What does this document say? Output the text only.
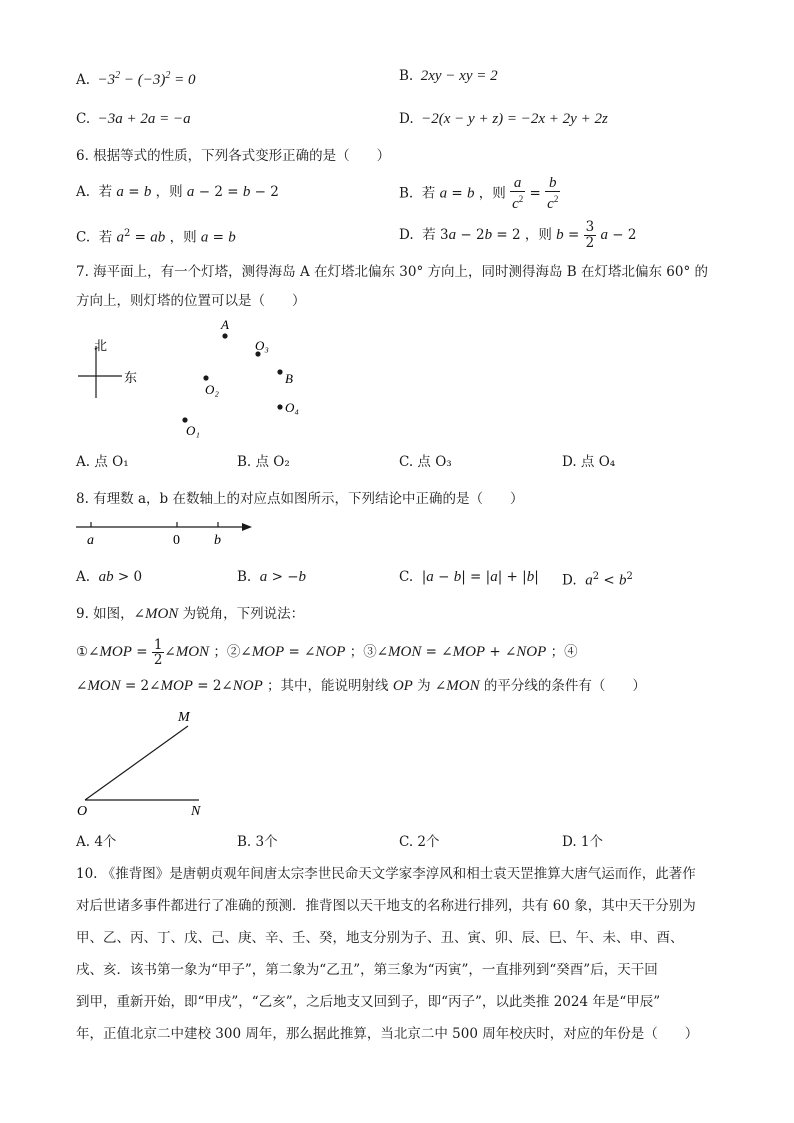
A.  $-3^2 - (-3)^2 = 0$	B.  2xy − xy = 2
C.  −3a + 2a = −a	D.  −2(x − y + z) = −2x + 2y + 2z
6. 根据等式的性质，下列各式变形正确的是（　　）
A.  若 a = b ，则 a − 2 = b − 2	B.  若 a = b ，则 $\frac{a}{c^2} = \frac{b}{c^2}$
C.  若 $a^2$ = ab ，则 a = b	D.  若 3a − 2b = 2 ，则 $b = \frac{3}{2}$ a − 2
7. 海平面上，有一个灯塔，测得海岛 A 在灯塔北偏东 30° 方向上，同时测得海岛 B 在灯塔北偏东 60° 的
方向上，则灯塔的位置可以是（　　）
北
东
A
O₃
B
O₂
O₄
O₁
A. 点 O₁	B. 点 O₂	C. 点 O₃	D. 点 O₄
8. 有理数 a，b 在数轴上的对应点如图所示，下列结论中正确的是（　　）
a	0 b
A.  ab > 0	B.  a > −b	C.  |a − b| = |a| + |b| D.  $a^2 < b^2$
9. 如图，∠MON 为锐角，下列说法：
①∠MOP = $\frac{1}{2}$ ∠MON ；②∠MOP = ∠NOP ；③∠MON = ∠MOP + ∠NOP ；④
∠MON = 2∠MOP = 2∠NOP ；其中，能说明射线 OP 为 ∠MON 的平分线的条件有（　　）
M
O	N
A. 4个	B. 3个	C. 2个	D. 1个
10. 《推背图》是唐朝贞观年间唐太宗李世民命天文学家李淳风和相士袁天罡推算大唐气运而作，此著作
对后世诸多事件都进行了准确的预测．推背图以天干地支的名称进行排列，共有 60 象，其中天干分别为
甲、乙、丙、丁、戊、己、庚、辛、壬、癸，地支分别为子、丑、寅、卯、辰、巳、午、未、申、酉、
戌、亥．该书第一象为“甲子”，第二象为“乙丑”，第三象为“丙寅”，一直排列到“癸酉”后，天干回
到甲，重新开始，即“甲戌”，“乙亥”，之后地支又回到子，即“丙子”，以此类推 2024 年是“甲辰”
年，正值北京二中建校 300 周年，那么据此推算，当北京二中 500 周年校庆时，对应的年份是（　　）
